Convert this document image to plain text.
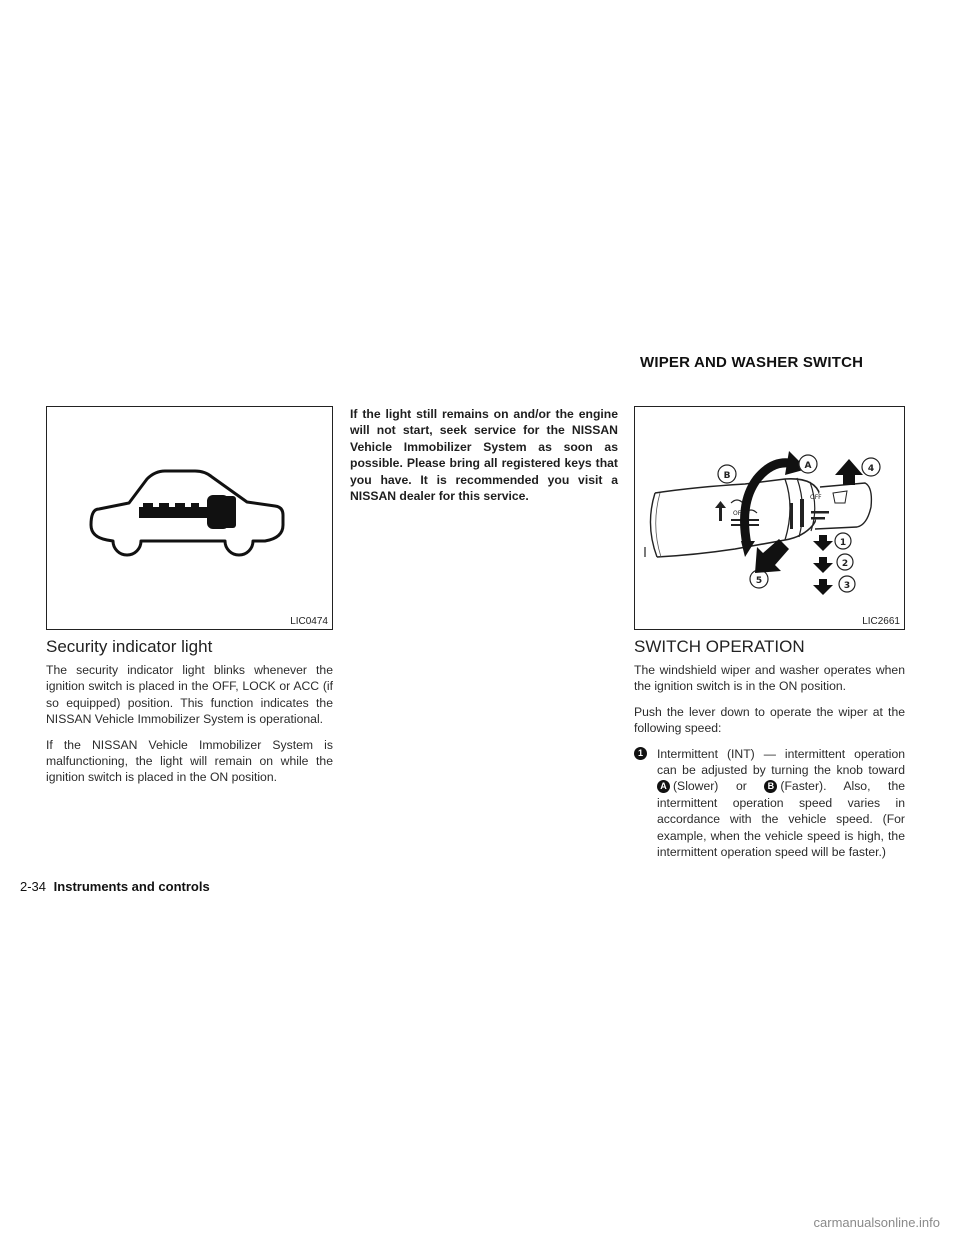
WIPER AND WASHER SWITCH
LIC0474
Security indicator light

The security indicator light blinks whenever the ignition switch is placed in the OFF, LOCK or ACC (if so equipped) position. This function indicates the NISSAN Vehicle Immobilizer System is operational.

If the NISSAN Vehicle Immobilizer System is malfunctioning, the light will remain on while the ignition switch is placed in the ON position.

If the light still remains on and/or the engine will not start, seek service for the NISSAN Vehicle Immobilizer System as soon as possible. Please bring all registered keys that you have. It is recommended you visit a NISSAN dealer for this service.
OFF
OFF
B
A	4
1
2
3
5
LIC2661
SWITCH OPERATION

The windshield wiper and washer operates when the ignition switch is in the ON position.

Push the lever down to operate the wiper at the following speed:

1	Intermittent (INT) — intermittent operation can be adjusted by turning the knob toward A (Slower) or B (Faster). Also, the intermittent operation speed varies in accordance with the vehicle speed. (For example, when the vehicle speed is high, the intermittent operation speed will be faster.)
2-34 Instruments and controls
carmanualsonline.info
